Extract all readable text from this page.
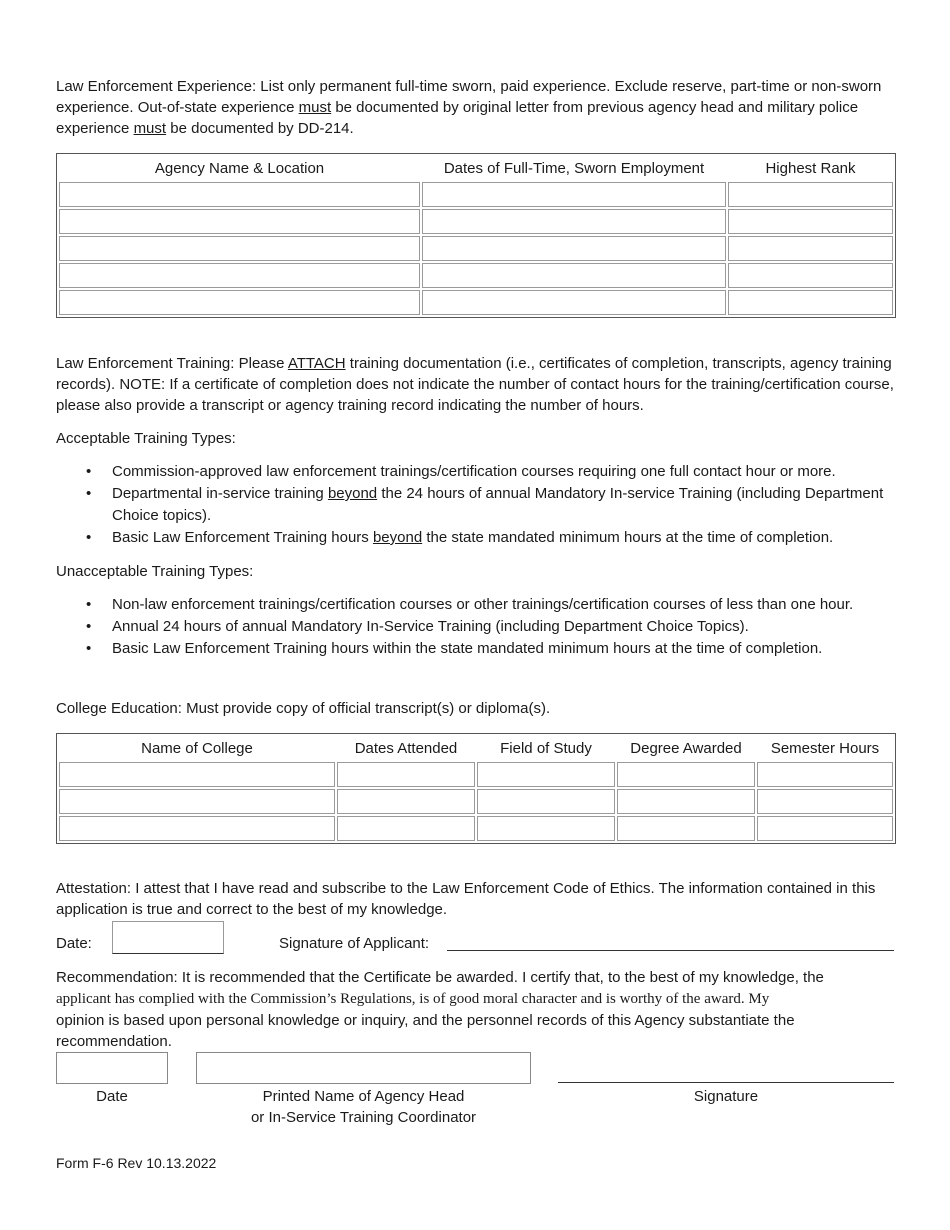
Law Enforcement Experience: List only permanent full-time sworn, paid experience. Exclude reserve, part-time or non-sworn experience. Out-of-state experience must be documented by original letter from previous agency head and military police experience must be documented by DD-214.

Agency Name & Location	Dates of Full-Time, Sworn Employment	Highest Rank

Law Enforcement Training: Please ATTACH training documentation (i.e., certificates of completion, transcripts, agency training records). NOTE: If a certificate of completion does not indicate the number of contact hours for the training/certification course, please also provide a transcript or agency training record indicating the number of hours.

Acceptable Training Types:

• Commission-approved law enforcement trainings/certification courses requiring one full contact hour or more.
• Departmental in-service training beyond the 24 hours of annual Mandatory In-service Training (including Department Choice topics).
• Basic Law Enforcement Training hours beyond the state mandated minimum hours at the time of completion.

Unacceptable Training Types:

• Non-law enforcement trainings/certification courses or other trainings/certification courses of less than one hour.
• Annual 24 hours of annual Mandatory In-Service Training (including Department Choice Topics).
• Basic Law Enforcement Training hours within the state mandated minimum hours at the time of completion.

College Education: Must provide copy of official transcript(s) or diploma(s).

Name of College	Dates Attended	Field of Study	Degree Awarded	Semester Hours

Attestation: I attest that I have read and subscribe to the Law Enforcement Code of Ethics. The information contained in this application is true and correct to the best of my knowledge.

Date:	Signature of Applicant:

Recommendation: It is recommended that the Certificate be awarded. I certify that, to the best of my knowledge, the
applicant has complied with the Commission’s Regulations, is of good moral character and is worthy of the award. My
opinion is based upon personal knowledge or inquiry, and the personnel records of this Agency substantiate the recommendation.

Date	Printed Name of Agency Head
or In-Service Training Coordinator
Signature

Form F-6 Rev 10.13.2022
